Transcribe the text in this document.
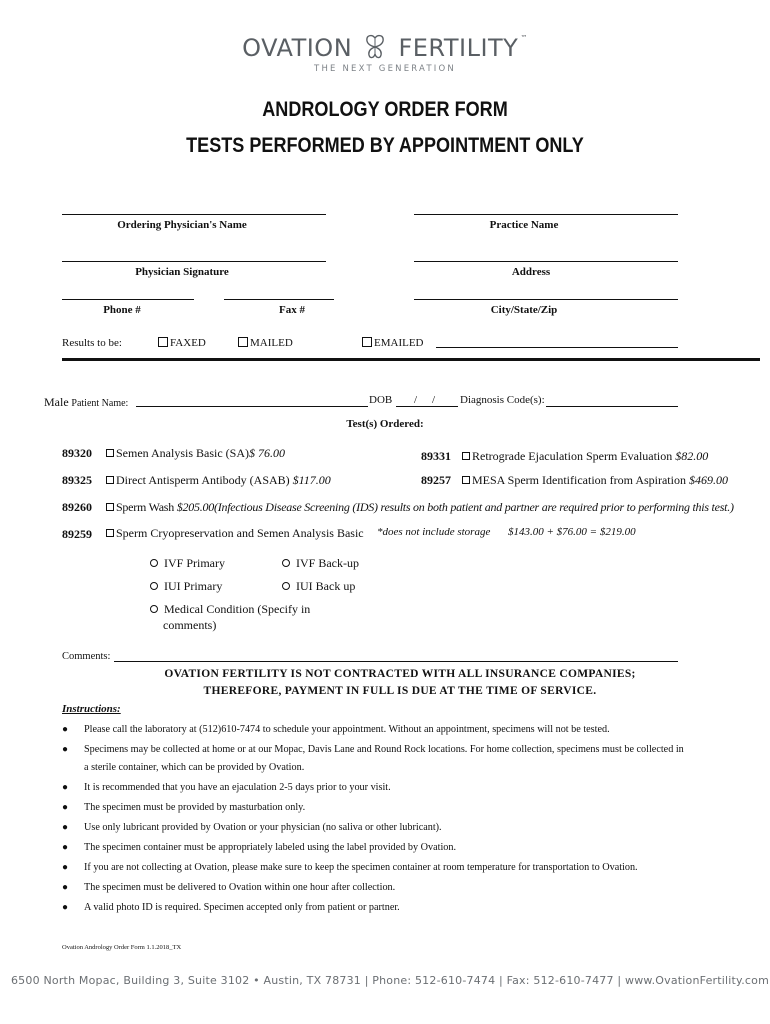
OVATION FERTILITY ™
THE NEXT GENERATION
ANDROLOGY ORDER FORM
TESTS PERFORMED BY APPOINTMENT ONLY
Ordering Physician's Name	Practice Name
Physician Signature	Address
Phone #	Fax #	City/State/Zip
Results to be:	FAXED	MAILED	EMAILED
Male Patient Name:	DOB / / Diagnosis Code(s):
Test(s) Ordered:
89320	Semen Analysis Basic (SA)$ 76.00	89331	Retrograde Ejaculation Sperm Evaluation $82.00
89325	Direct Antisperm Antibody (ASAB) $117.00	89257	MESA Sperm Identification from Aspiration $469.00
89260	Sperm Wash $205.00(Infectious Disease Screening (IDS) results on both patient and partner are required prior to performing this test.)
89259	Sperm Cryopreservation and Semen Analysis Basic *does not include storage $143.00 + $76.00 = $219.00
IVF Primary	IVF Back-up
IUI Primary	IUI Back up
Medical Condition (Specify in
comments)
Comments:
OVATION FERTILITY IS NOT CONTRACTED WITH ALL INSURANCE COMPANIES;
THEREFORE, PAYMENT IN FULL IS DUE AT THE TIME OF SERVICE.
Instructions:
● Please call the laboratory at (512)610-7474 to schedule your appointment. Without an appointment, specimens will not be tested.
● Specimens may be collected at home or at our Mopac, Davis Lane and Round Rock locations. For home collection, specimens must be collected in
a sterile container, which can be provided by Ovation.
● It is recommended that you have an ejaculation 2-5 days prior to your visit.
● The specimen must be provided by masturbation only.
● Use only lubricant provided by Ovation or your physician (no saliva or other lubricant).
● The specimen container must be appropriately labeled using the label provided by Ovation.
● If you are not collecting at Ovation, please make sure to keep the specimen container at room temperature for transportation to Ovation.
● The specimen must be delivered to Ovation within one hour after collection.
● A valid photo ID is required. Specimen accepted only from patient or partner.
Ovation Andrology Order Form 1.1.2018_TX
6500 North Mopac, Building 3, Suite 3102 • Austin, TX 78731 | Phone: 512-610-7474 | Fax: 512-610-7477 | www.OvationFertility.com
